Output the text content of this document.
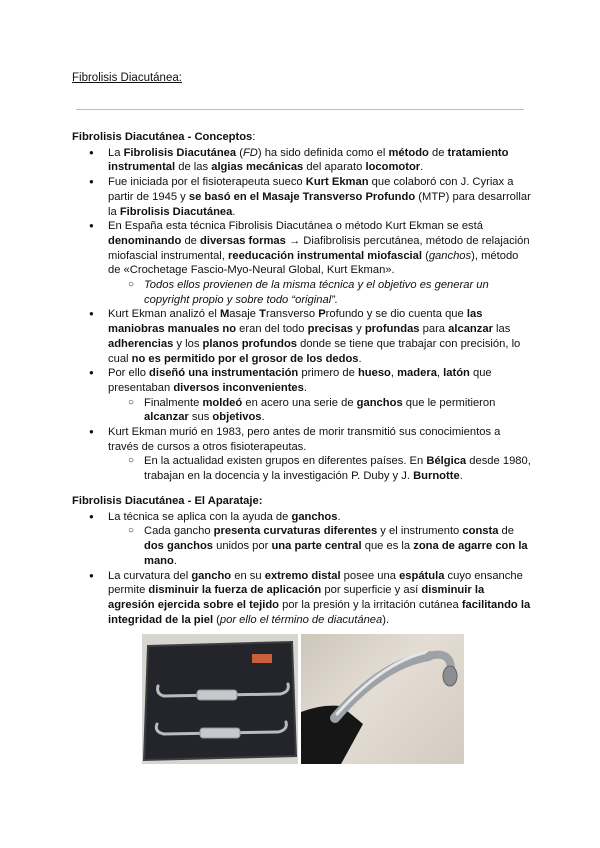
Fibrolisis Diacutánea:
Fibrolisis Diacutánea - Conceptos:
● La Fibrolisis Diacutánea (FD) ha sido definida como el método de tratamiento instrumental de las algias mecánicas del aparato locomotor.
● Fue iniciada por el fisioterapeuta sueco Kurt Ekman que colaboró con J. Cyriax a partir de 1945 y se basó en el Masaje Transverso Profundo (MTP) para desarrollar la Fibrolisis Diacutánea.
● En España esta técnica Fibrolisis Diacutánea o método Kurt Ekman se está denominando de diversas formas → Diafibrolisis percutánea, método de relajación miofascial instrumental, reeducación instrumental miofascial (ganchos), método de «Crochetage Fascio-Myo-Neural Global, Kurt Ekman».
○ Todos ellos provienen de la misma técnica y el objetivo es generar un copyright propio y sobre todo “original”.
● Kurt Ekman analizó el Masaje Transverso Profundo y se dio cuenta que las maniobras manuales no eran del todo precisas y profundas para alcanzar las adherencias y los planos profundos donde se tiene que trabajar con precisión, lo cual no es permitido por el grosor de los dedos.
● Por ello diseñó una instrumentación primero de hueso, madera, latón que presentaban diversos inconvenientes.
○ Finalmente moldeó en acero una serie de ganchos que le permitieron alcanzar sus objetivos.
● Kurt Ekman murió en 1983, pero antes de morir transmitió sus conocimientos a través de cursos a otros fisioterapeutas.
○ En la actualidad existen grupos en diferentes países. En Bélgica desde 1980, trabajan en la docencia y la investigación P. Duby y J. Burnotte.
Fibrolisis Diacutánea - El Aparataje:
● La técnica se aplica con la ayuda de ganchos.
○ Cada gancho presenta curvaturas diferentes y el instrumento consta de dos ganchos unidos por una parte central que es la zona de agarre con la mano.
● La curvatura del gancho en su extremo distal posee una espátula cuyo ensanche permite disminuir la fuerza de aplicación por superficie y así disminuir la agresión ejercida sobre el tejido por la presión y la irritación cutánea facilitando la integridad de la piel (por ello el término de diacutánea).
